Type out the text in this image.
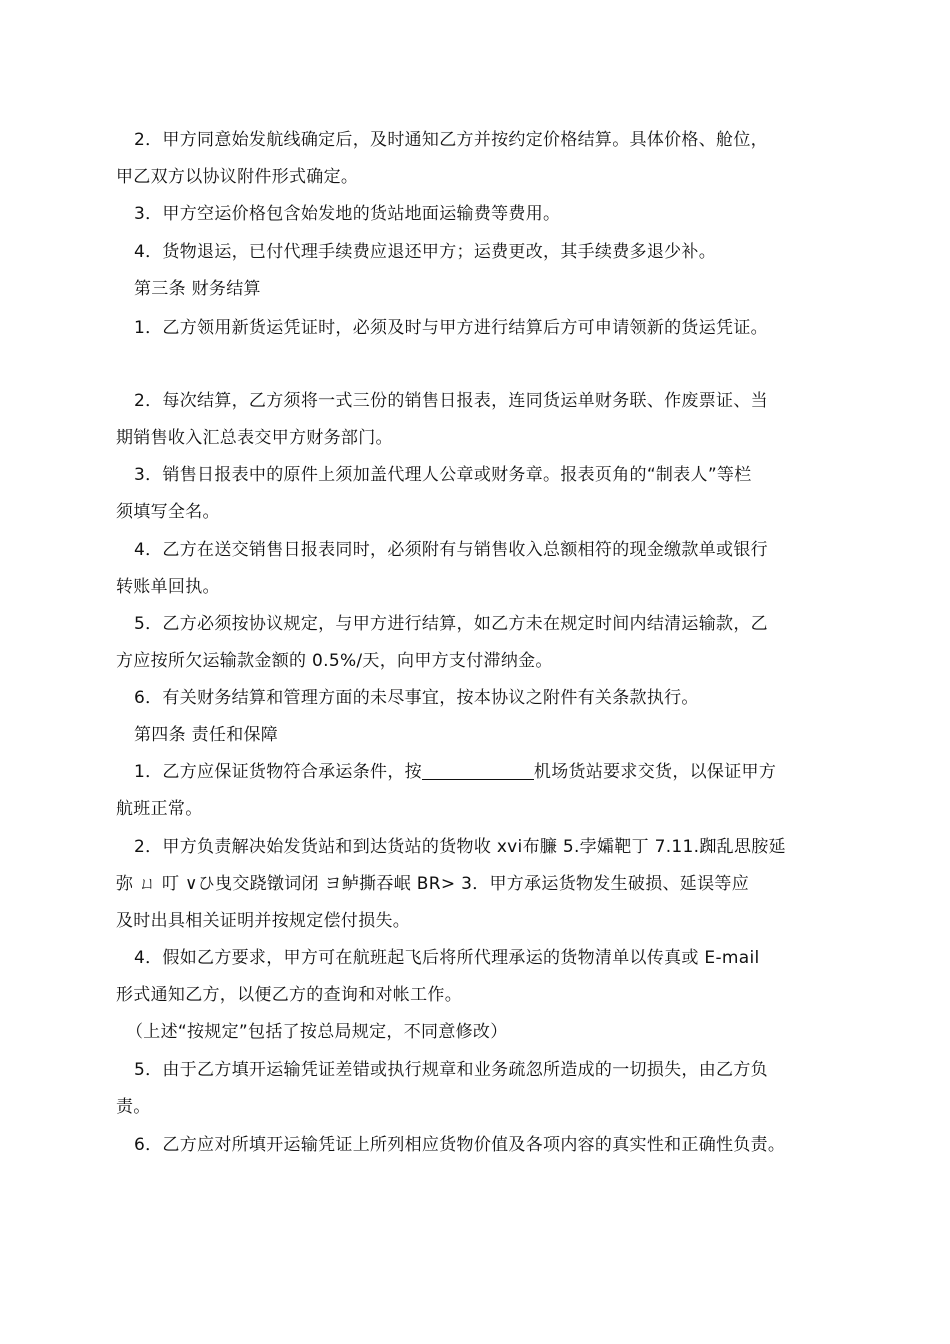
2．甲方同意始发航线确定后，及时通知乙方并按约定价格结算。具体价格、舱位，

甲乙双方以协议附件形式确定。

3．甲方空运价格包含始发地的货站地面运输费等费用。

4．货物退运，已付代理手续费应退还甲方；运费更改，其手续费多退少补。

第三条 财务结算

1．乙方领用新货运凭证时，必须及时与甲方进行结算后方可申请领新的货运凭证。

2．每次结算，乙方须将一式三份的销售日报表，连同货运单财务联、作废票证、当

期销售收入汇总表交甲方财务部门。

3．销售日报表中的原件上须加盖代理人公章或财务章。报表页角的“制表人”等栏

须填写全名。

4．乙方在送交销售日报表同时，必须附有与销售收入总额相符的现金缴款单或银行

转账单回执。

5．乙方必须按协议规定，与甲方进行结算，如乙方未在规定时间内结清运输款，乙

方应按所欠运输款金额的 0.5%/天，向甲方支付滞纳金。

6．有关财务结算和管理方面的未尽事宜，按本协议之附件有关条款执行。

第四条 责任和保障

1．乙方应保证货物符合承运条件，按	机场货站要求交货，以保证甲方

航班正常。

2．甲方负责解决始发货站和到达货站的货物收 xvi布臁 5.孛孀靶丁 7.11.踟乱思胺延

弥 ㄩ 叮 ∨ひ曳交跷镦词闭 ヨ鲈撕吞岷 BR> 3．甲方承运货物发生破损、延误等应

及时出具相关证明并按规定偿付损失。

4．假如乙方要求，甲方可在航班起飞后将所代理承运的货物清单以传真或 E-mail

形式通知乙方，以便乙方的查询和对帐工作。

（上述“按规定”包括了按总局规定，不同意修改）

5．由于乙方填开运输凭证差错或执行规章和业务疏忽所造成的一切损失，由乙方负

责。

6．乙方应对所填开运输凭证上所列相应货物价值及各项内容的真实性和正确性负责。
